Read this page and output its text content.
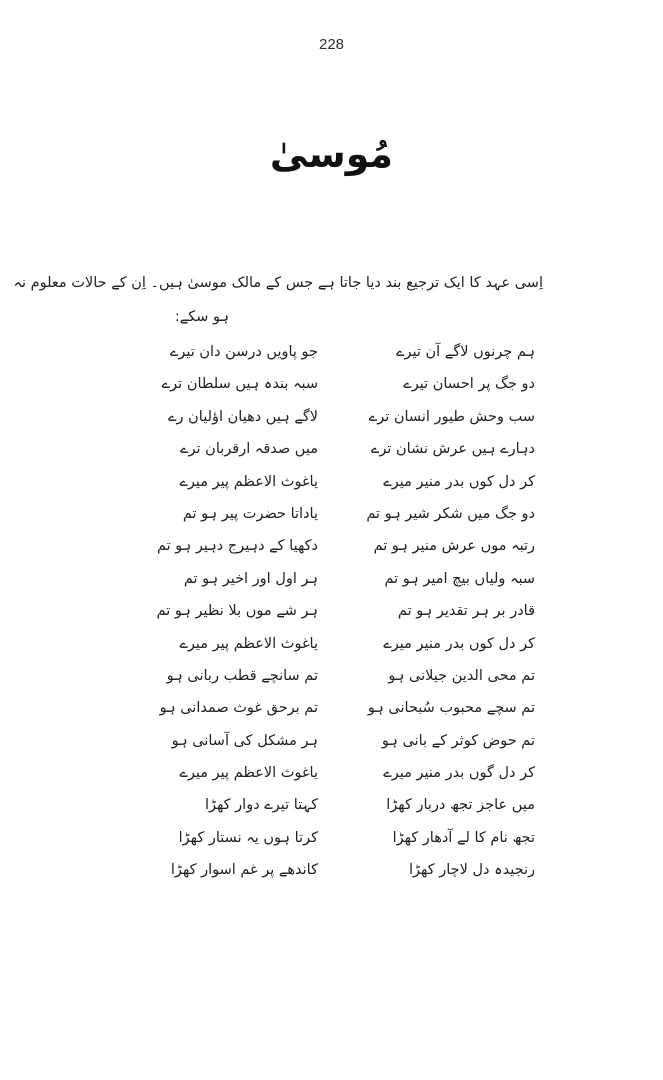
228
مُوسیٰ
اِسی عہد کا ایک ترجیع بند دیا جاتا ہے جس کے مالک موسیٰ ہیں۔ اِن کے حالات معلوم نہ
ہو سکے:
ہم چرنوں لاگے آن تیرے
جو پاویں درسن دان تیرے
دو جگ پر احسان تیرے
سبہ بندہ ہیں سلطان ترے
سب وحش طیور انسان ترے
لاگے ہیں دھیان اؤلیان رے
دہارے ہیں عرش نشان ترے
میں صدقہ ارقربان ترے
کر دل کوں بدر منیر میرے
یاغوث الاعظم پیر میرے
دو جگ میں شکر شیر ہو تم
یاداتا حضرت پیر ہو تم
رتبہ موں عرش منیر ہو تم
دکھیا کے دہیرج دہیر ہو تم
سبہ ولیاں بیچ امیر ہو تم
ہر اول اور اخیر ہو تم
قادر بر ہر تقدیر ہو تم
ہر شے موں بلا نظیر ہو تم
کر دل کوں بدر منیر میرے
یاغوث الاعظم پیر میرے
تم محی الدین جیلانی ہو
تم سانچے قطب ربانی ہو
تم سچے محبوب سُبحانی ہو
تم برحق غوث صمدانی ہو
تم حوض کوثر کے بانی ہو
ہر مشکل کی آسانی ہو
کر دل گوں بدر منیر میرے
یاغوث الاعظم پیر میرے
میں عاجز تجھ دربار کھڑا
کہتا تیرے دوار کھڑا
تجھ نام کا لے آدھار کھڑا
کرتا ہوں یہ نستار کھڑا
رنجیدہ دل لاچار کھڑا
کاندھے پر غم اسوار کھڑا
